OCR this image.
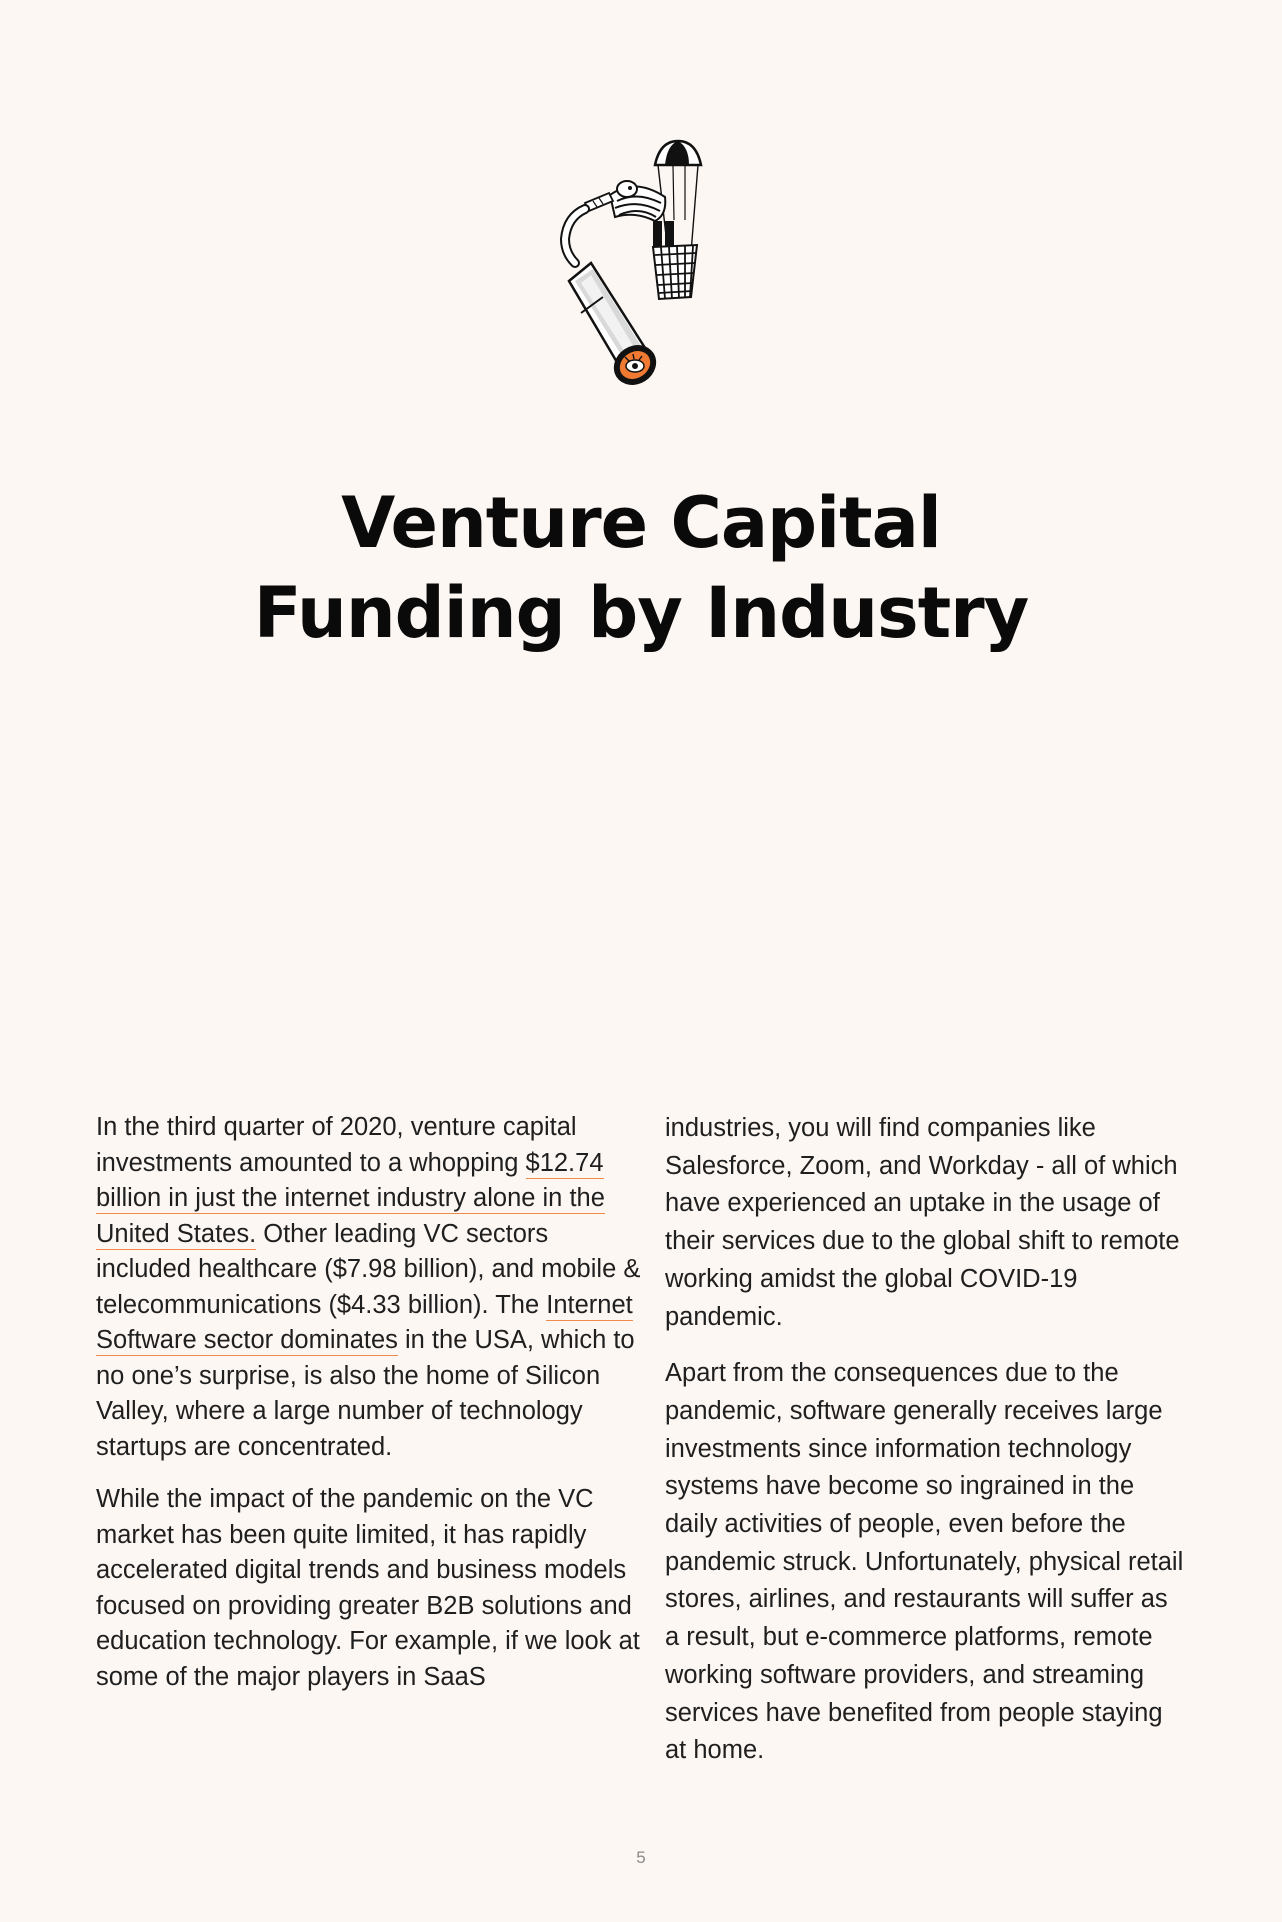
Venture Capital
Funding by Industry

In the third quarter of 2020, venture capital investments amounted to a whopping $12.74 billion in just the internet industry alone in the United States. Other leading VC sectors included healthcare ($7.98 billion), and mobile & telecommunications ($4.33 billion). The Internet Software sector dominates in the USA, which to no one’s surprise, is also the home of Silicon Valley, where a large number of technology startups are concentrated.

While the impact of the pandemic on the VC market has been quite limited, it has rapidly accelerated digital trends and business models focused on providing greater B2B solutions and education technology. For example, if we look at some of the major players in SaaS

industries, you will find companies like Salesforce, Zoom, and Workday - all of which have experienced an uptake in the usage of their services due to the global shift to remote working amidst the global COVID-19 pandemic.

Apart from the consequences due to the pandemic, software generally receives large investments since information technology systems have become so ingrained in the daily activities of people, even before the pandemic struck. Unfortunately, physical retail stores, airlines, and restaurants will suffer as a result, but e-commerce platforms, remote working software providers, and streaming services have benefited from people staying at home.

5
